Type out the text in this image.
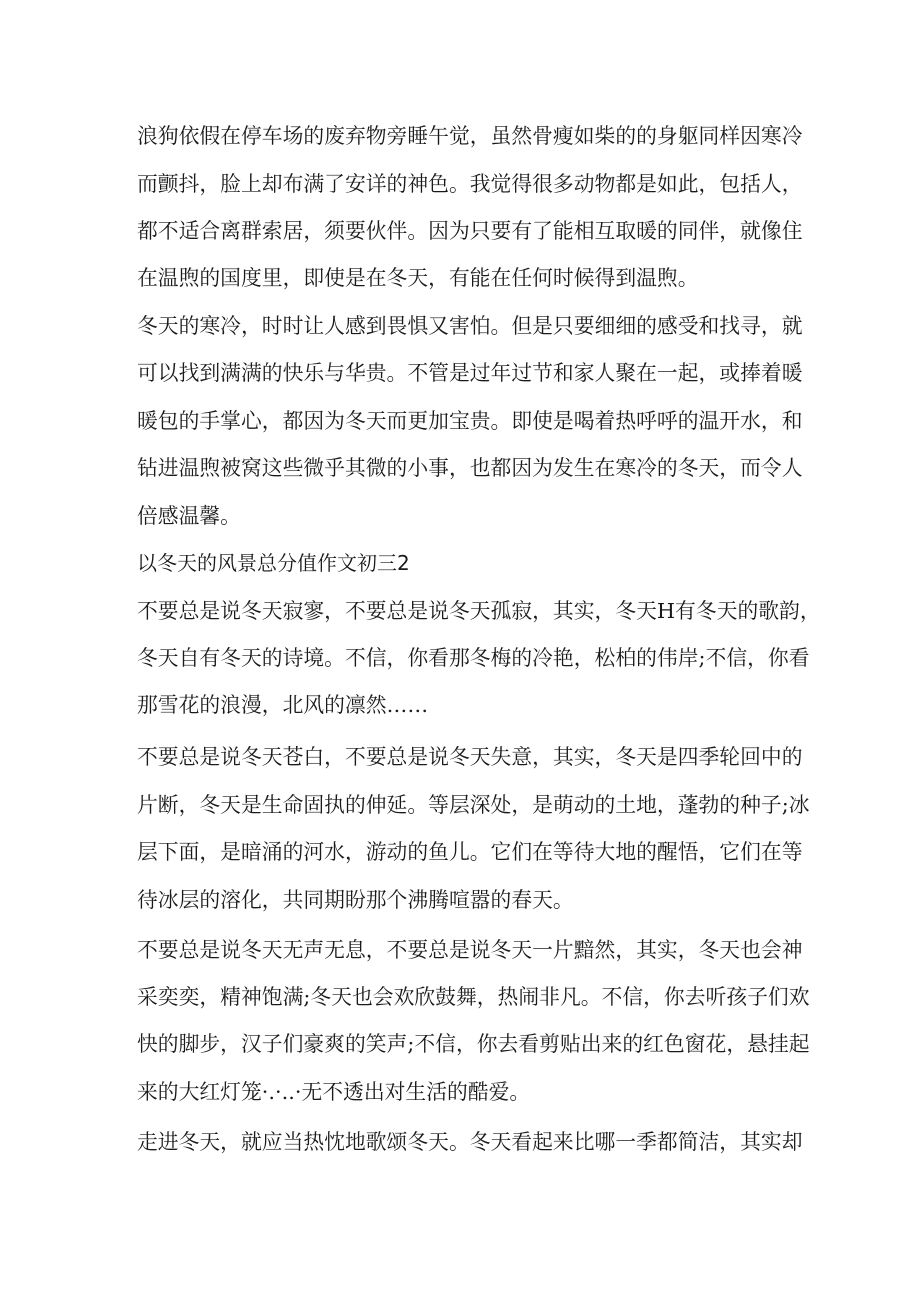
浪狗依假在停车场的废弃物旁睡午觉，虽然骨瘦如柴的的身躯同样因寒冷
而颤抖，脸上却布满了安详的神色。我觉得很多动物都是如此，包括人，
都不适合离群索居，须要伙伴。因为只要有了能相互取暖的同伴，就像住
在温煦的国度里，即使是在冬天，有能在任何时候得到温煦。
冬天的寒冷，时时让人感到畏惧又害怕。但是只要细细的感受和找寻，就
可以找到满满的快乐与华贵。不管是过年过节和家人聚在一起，或捧着暖
暖包的手掌心，都因为冬天而更加宝贵。即使是喝着热呼呼的温开水，和
钻进温煦被窝这些微乎其微的小事，也都因为发生在寒冷的冬天，而令人
倍感温馨。
以冬天的风景总分值作文初三2
不要总是说冬天寂寥，不要总是说冬天孤寂，其实，冬天H有冬天的歌韵，
冬天自有冬天的诗境。不信，你看那冬梅的冷艳，松柏的伟岸;不信，你看
那雪花的浪漫，北风的凛然……
不要总是说冬天苍白，不要总是说冬天失意，其实，冬天是四季轮回中的
片断，冬天是生命固执的伸延。等层深处，是萌动的土地，蓬勃的种子;冰
层下面，是暗涌的河水，游动的鱼儿。它们在等待大地的醒悟，它们在等
待冰层的溶化，共同期盼那个沸腾喧嚣的春天。
不要总是说冬天无声无息，不要总是说冬天一片黯然，其实，冬天也会神
采奕奕，精神饱满;冬天也会欢欣鼓舞，热闹非凡。不信，你去听孩子们欢
快的脚步，汉子们豪爽的笑声;不信，你去看剪贴出来的红色窗花，悬挂起
来的大红灯笼·.·..·无不透出对生活的酷爱。
走进冬天，就应当热忱地歌颂冬天。冬天看起来比哪一季都简洁，其实却
